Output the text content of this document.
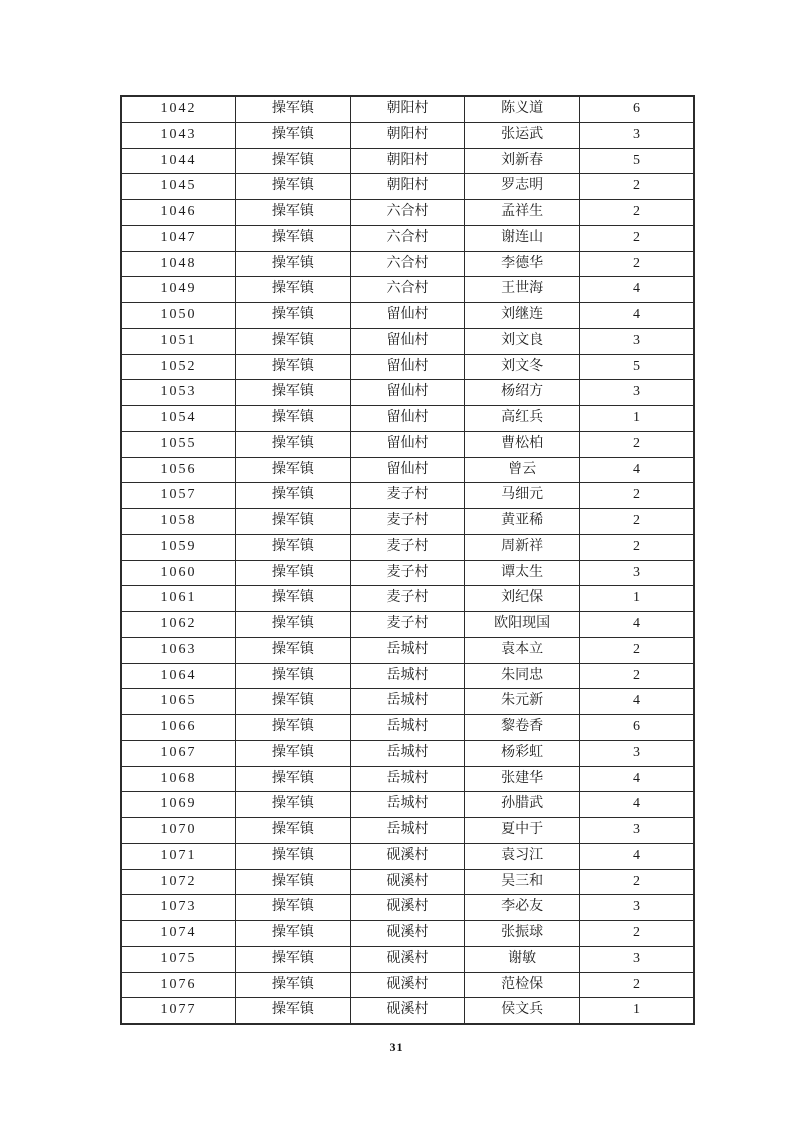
1042	操军镇	朝阳村	陈义道	6
1043	操军镇	朝阳村	张运武	3
1044	操军镇	朝阳村	刘新春	5
1045	操军镇	朝阳村	罗志明	2
1046	操军镇	六合村	孟祥生	2
1047	操军镇	六合村	谢连山	2
1048	操军镇	六合村	李德华	2
1049	操军镇	六合村	王世海	4
1050	操军镇	留仙村	刘继连	4
1051	操军镇	留仙村	刘文良	3
1052	操军镇	留仙村	刘文冬	5
1053	操军镇	留仙村	杨绍方	3
1054	操军镇	留仙村	高红兵	1
1055	操军镇	留仙村	曹松柏	2
1056	操军镇	留仙村	曾云	4
1057	操军镇	麦子村	马细元	2
1058	操军镇	麦子村	黄亚稀	2
1059	操军镇	麦子村	周新祥	2
1060	操军镇	麦子村	谭太生	3
1061	操军镇	麦子村	刘纪保	1
1062	操军镇	麦子村	欧阳现国	4
1063	操军镇	岳城村	袁本立	2
1064	操军镇	岳城村	朱同忠	2
1065	操军镇	岳城村	朱元新	4
1066	操军镇	岳城村	黎卷香	6
1067	操军镇	岳城村	杨彩虹	3
1068	操军镇	岳城村	张建华	4
1069	操军镇	岳城村	孙腊武	4
1070	操军镇	岳城村	夏中于	3
1071	操军镇	砚溪村	袁习江	4
1072	操军镇	砚溪村	吴三和	2
1073	操军镇	砚溪村	李必友	3
1074	操军镇	砚溪村	张振球	2
1075	操军镇	砚溪村	谢敏	3
1076	操军镇	砚溪村	范检保	2
1077	操军镇	砚溪村	侯文兵	1
31
